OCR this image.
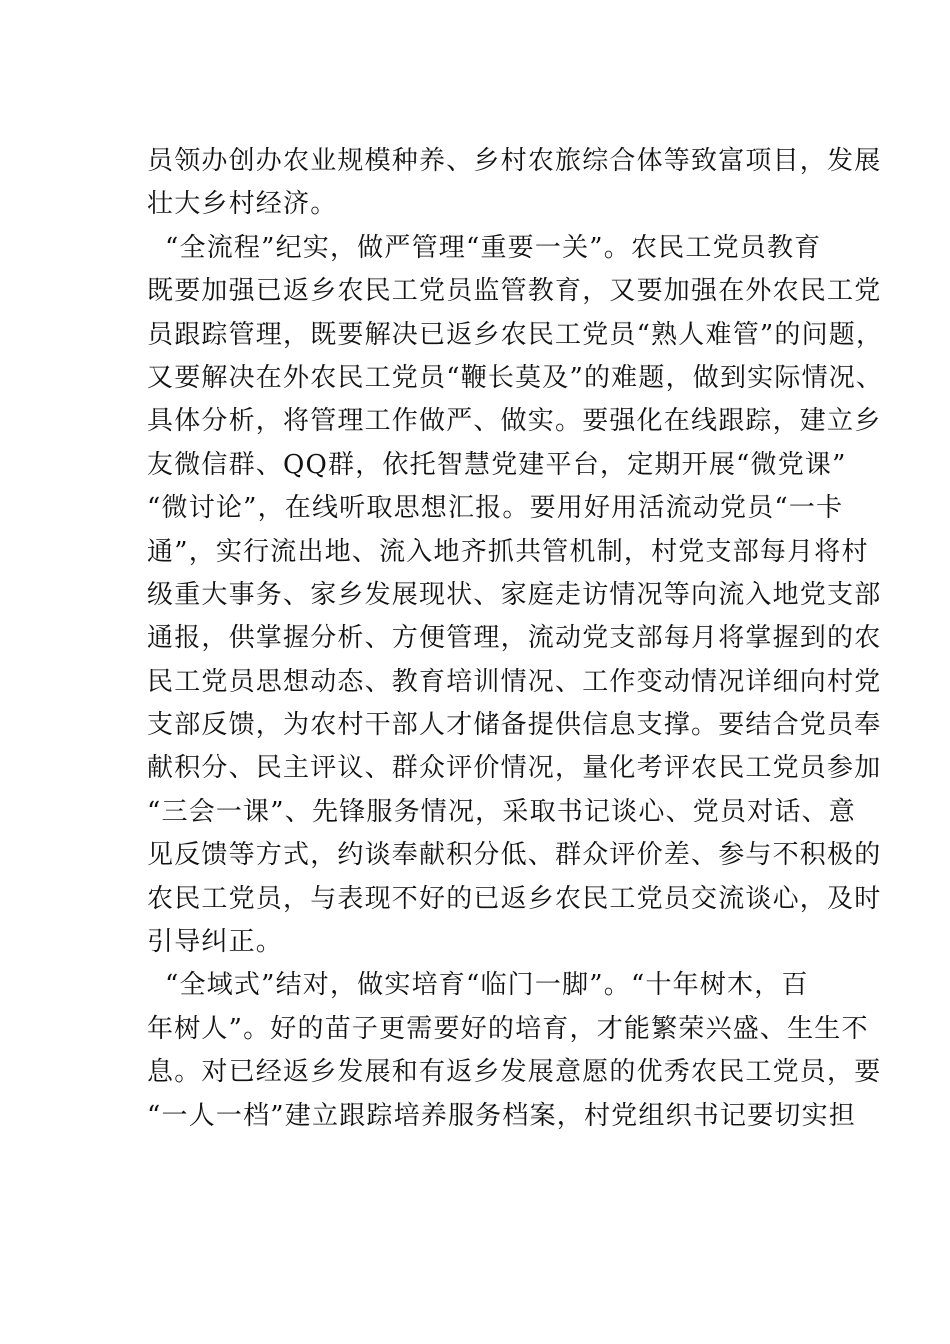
员领办创办农业规模种养、乡村农旅综合体等致富项目，发展
壮大乡村经济。
“全流程”纪实，做严管理“重要一关”。农民工党员教育
既要加强已返乡农民工党员监管教育，又要加强在外农民工党
员跟踪管理，既要解决已返乡农民工党员“熟人难管”的问题，
又要解决在外农民工党员“鞭长莫及”的难题，做到实际情况、
具体分析，将管理工作做严、做实。要强化在线跟踪，建立乡
友微信群、QQ群，依托智慧党建平台，定期开展“微党课”
“微讨论”，在线听取思想汇报。要用好用活流动党员“一卡
通”，实行流出地、流入地齐抓共管机制，村党支部每月将村
级重大事务、家乡发展现状、家庭走访情况等向流入地党支部
通报，供掌握分析、方便管理，流动党支部每月将掌握到的农
民工党员思想动态、教育培训情况、工作变动情况详细向村党
支部反馈，为农村干部人才储备提供信息支撑。要结合党员奉
献积分、民主评议、群众评价情况，量化考评农民工党员参加
“三会一课”、先锋服务情况，采取书记谈心、党员对话、意
见反馈等方式，约谈奉献积分低、群众评价差、参与不积极的
农民工党员，与表现不好的已返乡农民工党员交流谈心，及时
引导纠正。
“全域式”结对，做实培育“临门一脚”。“十年树木，百
年树人”。好的苗子更需要好的培育，才能繁荣兴盛、生生不
息。对已经返乡发展和有返乡发展意愿的优秀农民工党员，要
“一人一档”建立跟踪培养服务档案，村党组织书记要切实担
